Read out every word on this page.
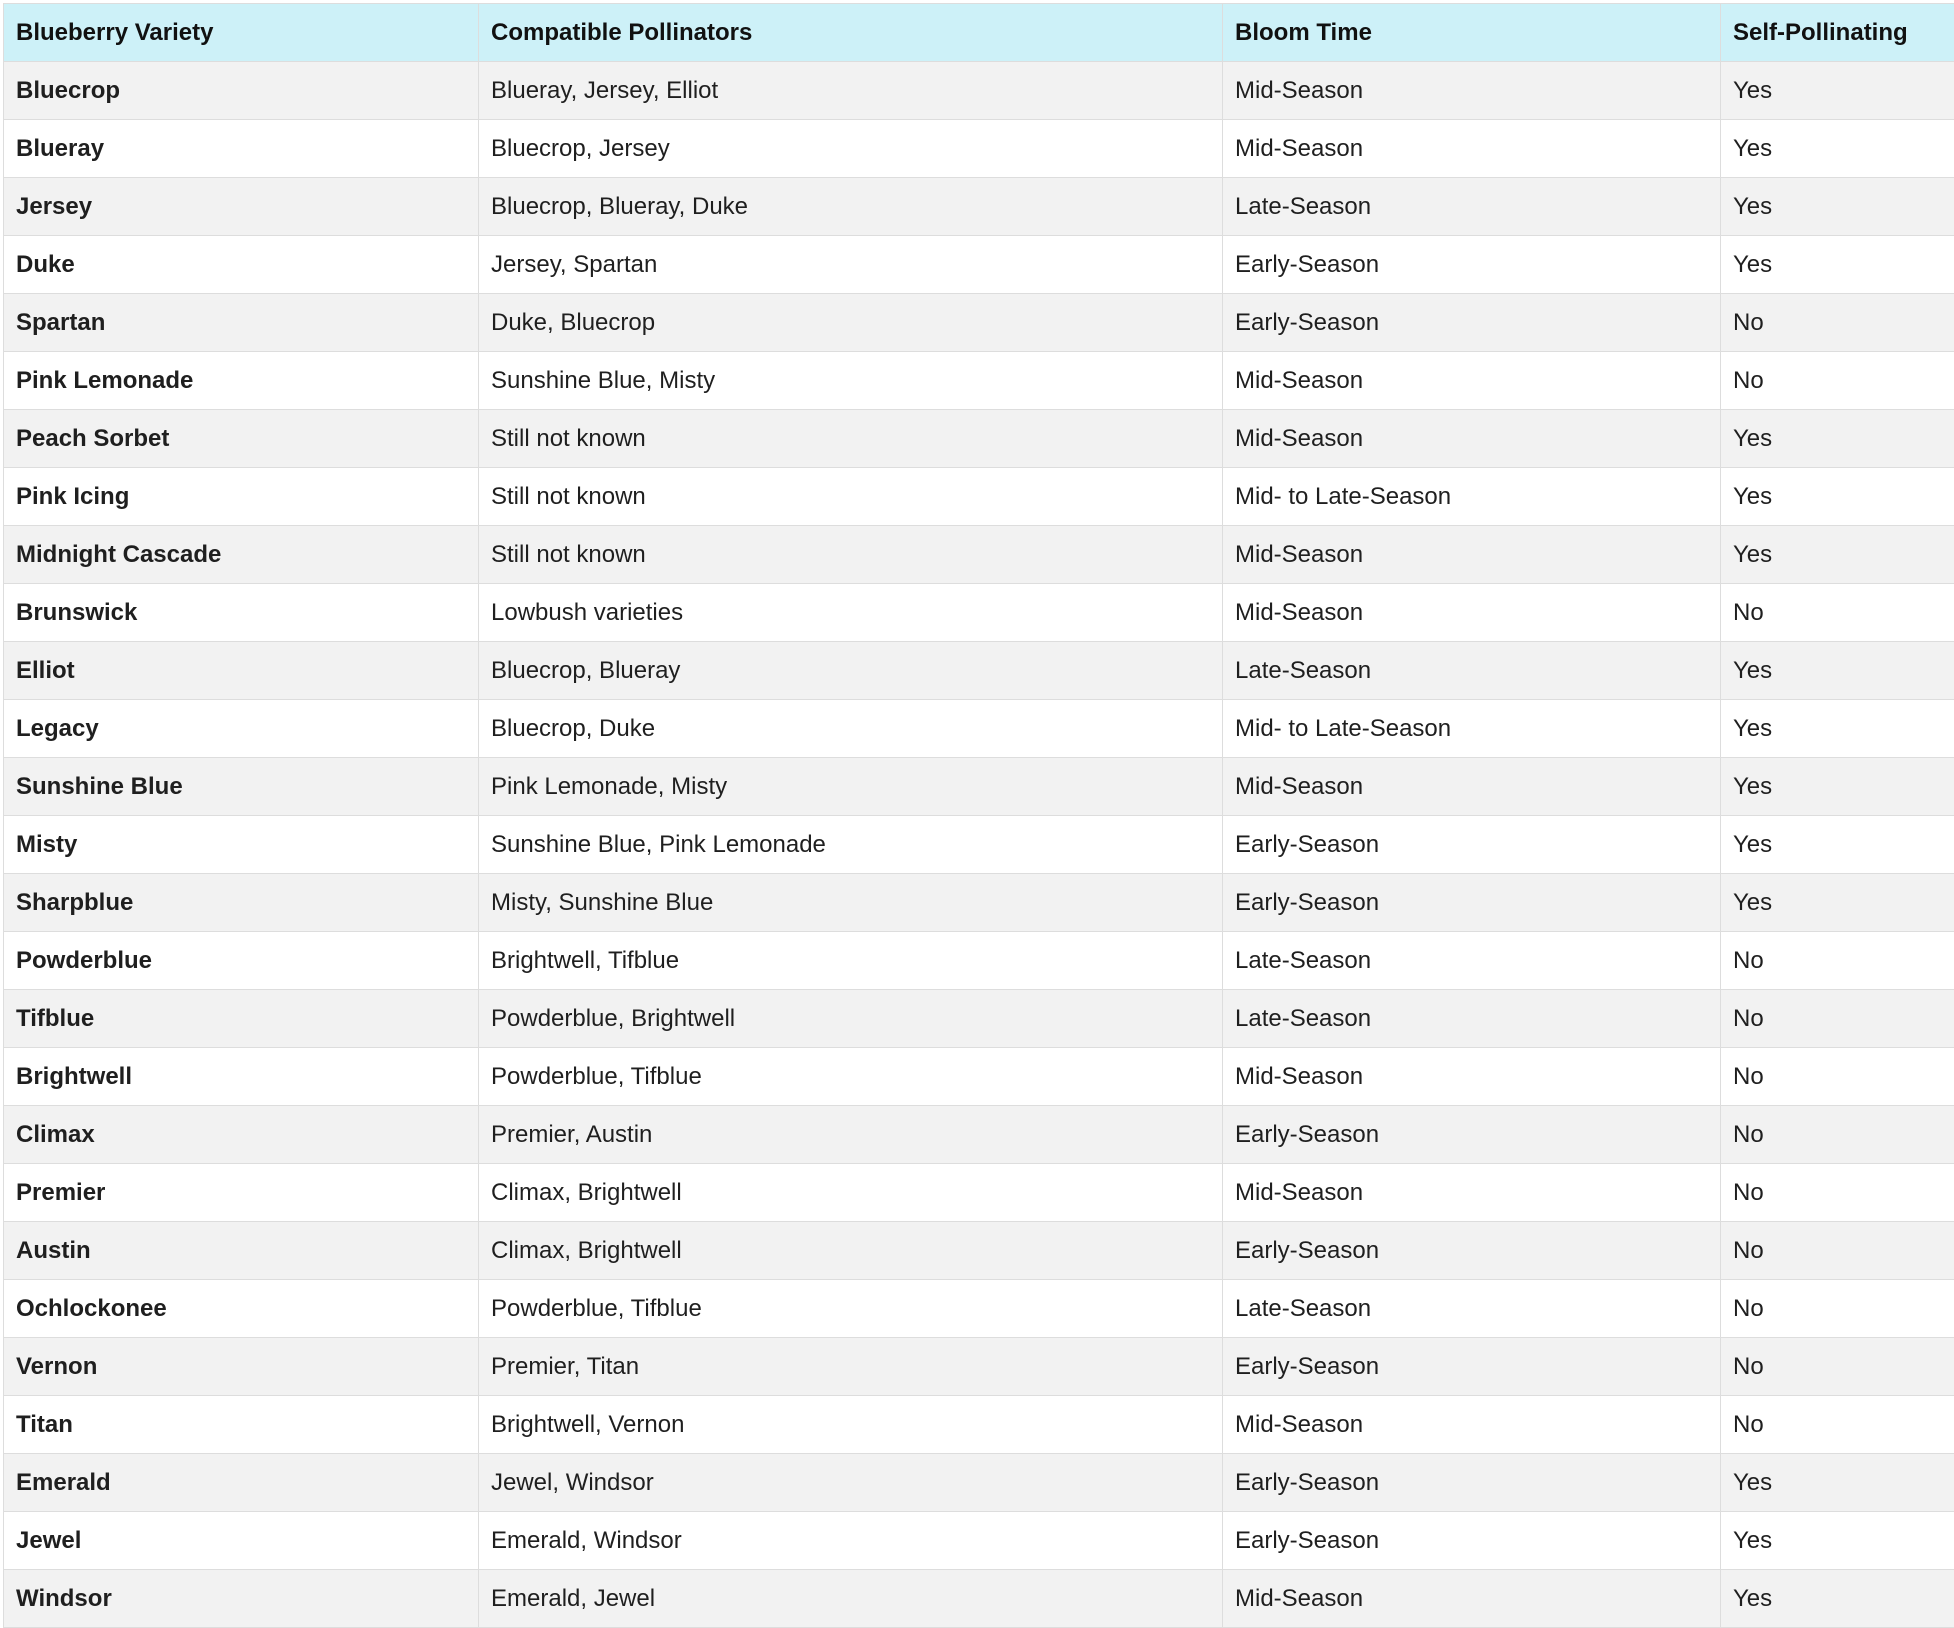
Blueberry Variety	Compatible Pollinators	Bloom Time	Self-Pollinating
Bluecrop	Blueray, Jersey, Elliot	Mid-Season	Yes
Blueray	Bluecrop, Jersey	Mid-Season	Yes
Jersey	Bluecrop, Blueray, Duke	Late-Season	Yes
Duke	Jersey, Spartan	Early-Season	Yes
Spartan	Duke, Bluecrop	Early-Season	No
Pink Lemonade	Sunshine Blue, Misty	Mid-Season	No
Peach Sorbet	Still not known	Mid-Season	Yes
Pink Icing	Still not known	Mid- to Late-Season	Yes
Midnight Cascade	Still not known	Mid-Season	Yes
Brunswick	Lowbush varieties	Mid-Season	No
Elliot	Bluecrop, Blueray	Late-Season	Yes
Legacy	Bluecrop, Duke	Mid- to Late-Season	Yes
Sunshine Blue	Pink Lemonade, Misty	Mid-Season	Yes
Misty	Sunshine Blue, Pink Lemonade	Early-Season	Yes
Sharpblue	Misty, Sunshine Blue	Early-Season	Yes
Powderblue	Brightwell, Tifblue	Late-Season	No
Tifblue	Powderblue, Brightwell	Late-Season	No
Brightwell	Powderblue, Tifblue	Mid-Season	No
Climax	Premier, Austin	Early-Season	No
Premier	Climax, Brightwell	Mid-Season	No
Austin	Climax, Brightwell	Early-Season	No
Ochlockonee	Powderblue, Tifblue	Late-Season	No
Vernon	Premier, Titan	Early-Season	No
Titan	Brightwell, Vernon	Mid-Season	No
Emerald	Jewel, Windsor	Early-Season	Yes
Jewel	Emerald, Windsor	Early-Season	Yes
Windsor	Emerald, Jewel	Mid-Season	Yes
